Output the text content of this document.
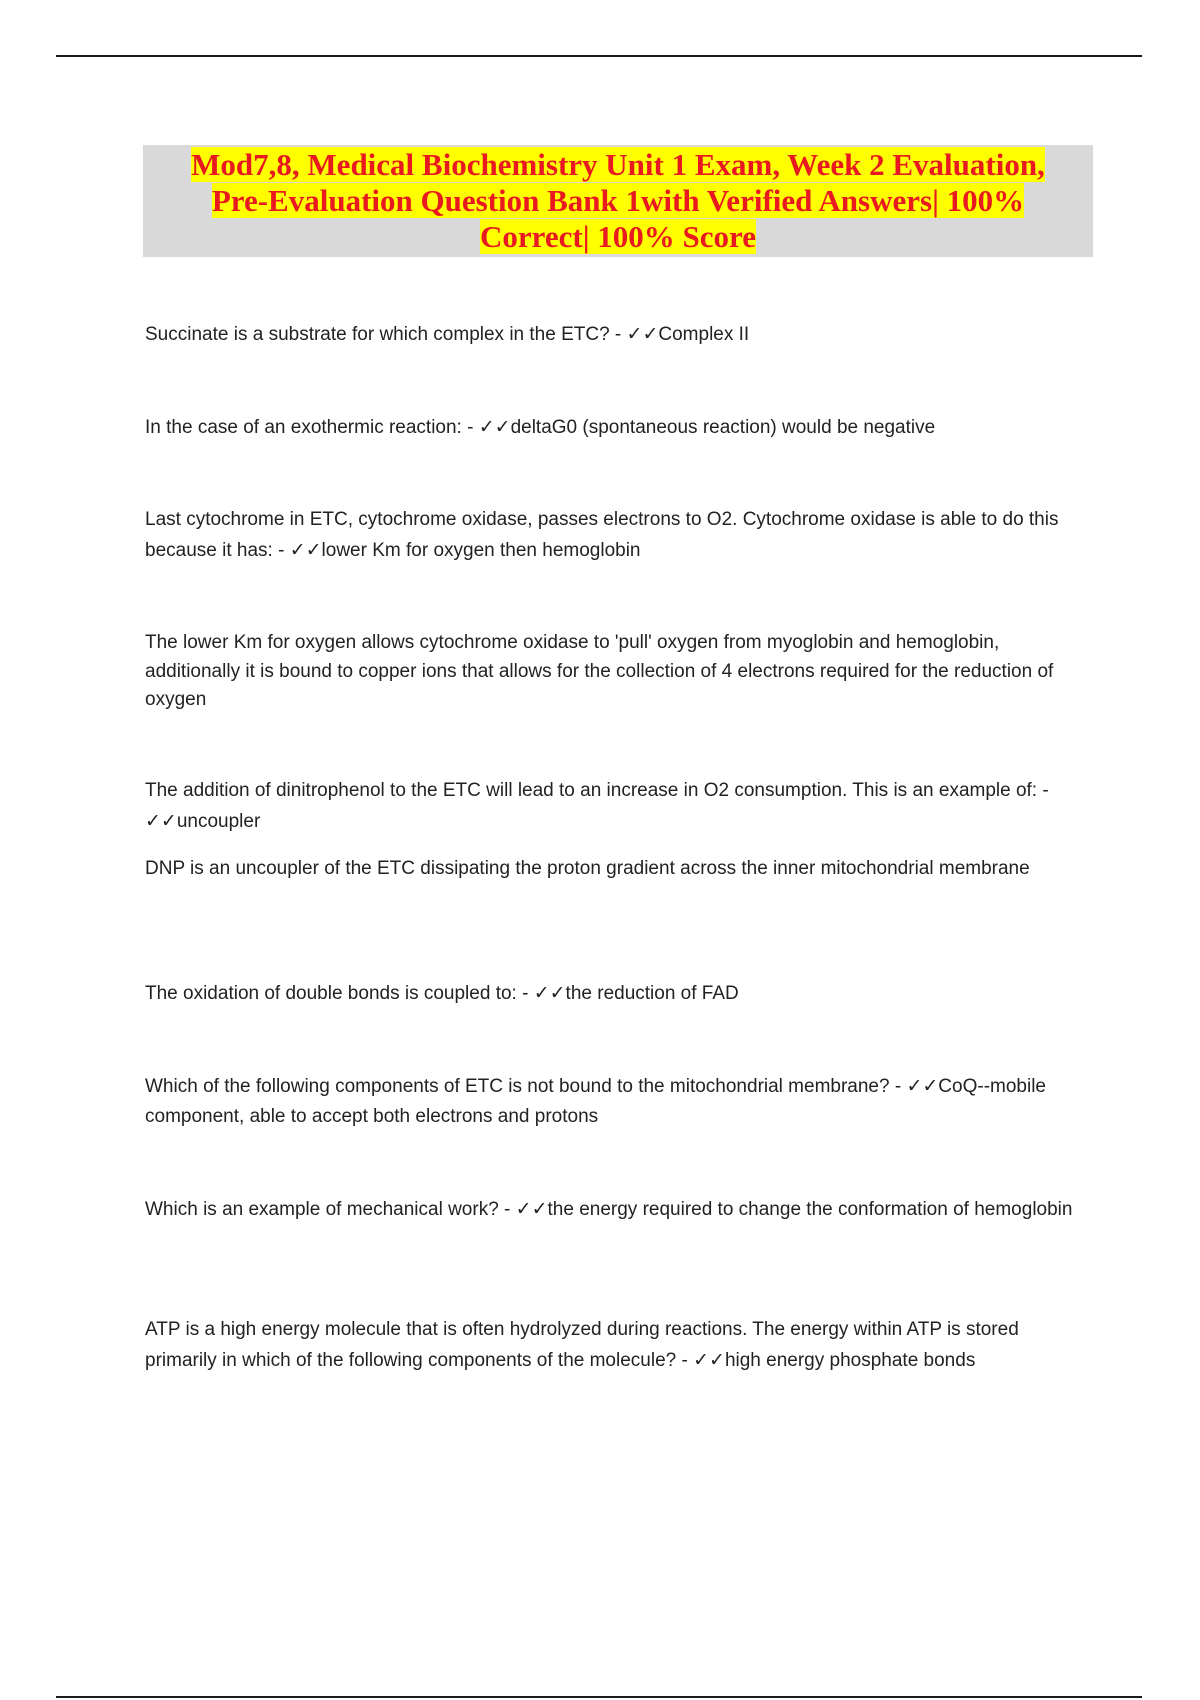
Mod7,8, Medical Biochemistry Unit 1 Exam, Week 2 Evaluation,
Pre-Evaluation Question Bank 1with Verified Answers| 100%
Correct| 100% Score

Succinate is a substrate for which complex in the ETC? - ✓✓Complex II

In the case of an exothermic reaction: - ✓✓deltaG0 (spontaneous reaction) would be negative

Last cytochrome in ETC, cytochrome oxidase, passes electrons to O2. Cytochrome oxidase is able to do this because it has: - ✓✓lower Km for oxygen then hemoglobin

The lower Km for oxygen allows cytochrome oxidase to 'pull' oxygen from myoglobin and hemoglobin, additionally it is bound to copper ions that allows for the collection of 4 electrons required for the reduction of oxygen

The addition of dinitrophenol to the ETC will lead to an increase in O2 consumption. This is an example of: - ✓✓uncoupler

DNP is an uncoupler of the ETC dissipating the proton gradient across the inner mitochondrial membrane

The oxidation of double bonds is coupled to: - ✓✓the reduction of FAD

Which of the following components of ETC is not bound to the mitochondrial membrane? - ✓✓CoQ--mobile component, able to accept both electrons and protons

Which is an example of mechanical work? - ✓✓the energy required to change the conformation of hemoglobin

ATP is a high energy molecule that is often hydrolyzed during reactions. The energy within ATP is stored primarily in which of the following components of the molecule? - ✓✓high energy phosphate bonds
